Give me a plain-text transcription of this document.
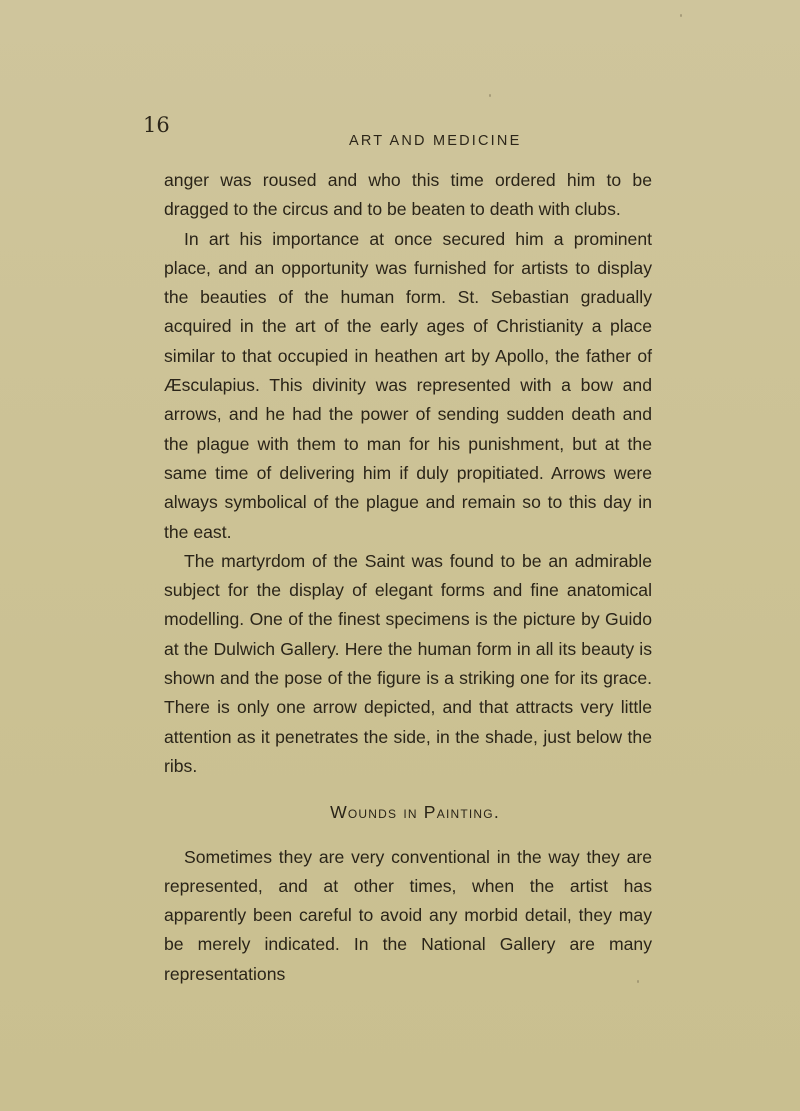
16
ART AND MEDICINE

anger was roused and who this time ordered him to be dragged to the circus and to be beaten to death with clubs.

In art his importance at once secured him a prominent place, and an opportunity was furnished for artists to display the beauties of the human form. St. Sebastian gradually acquired in the art of the early ages of Christianity a place similar to that occupied in heathen art by Apollo, the father of Æsculapius. This divinity was represented with a bow and arrows, and he had the power of sending sudden death and the plague with them to man for his punishment, but at the same time of delivering him if duly propitiated. Arrows were always symbolical of the plague and remain so to this day in the east.

The martyrdom of the Saint was found to be an admirable subject for the display of elegant forms and fine anatomical modelling. One of the finest specimens is the picture by Guido at the Dulwich Gallery. Here the human form in all its beauty is shown and the pose of the figure is a striking one for its grace. There is only one arrow depicted, and that attracts very little attention as it penetrates the side, in the shade, just below the ribs.

Wounds in Painting.

Sometimes they are very conventional in the way they are represented, and at other times, when the artist has apparently been careful to avoid any morbid detail, they may be merely indicated. In the National Gallery are many representations
